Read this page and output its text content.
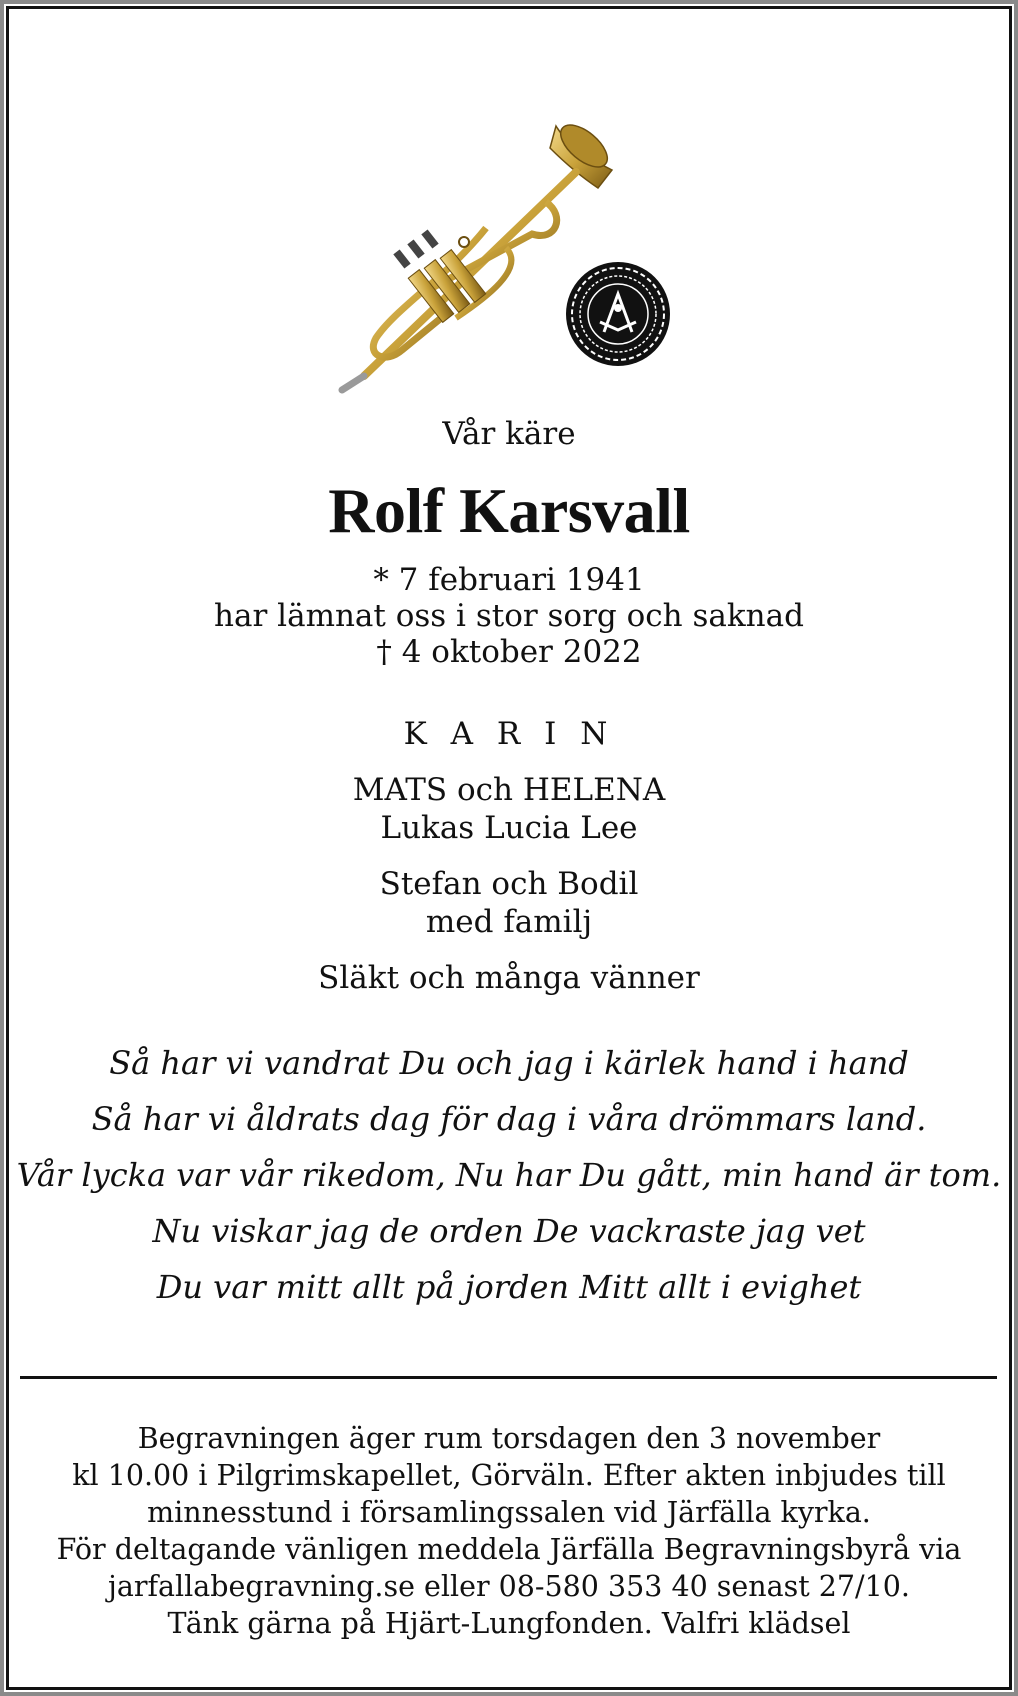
Vår käre
Rolf Karsvall
* 7 februari 1941
har lämnat oss i stor sorg och saknad
† 4 oktober 2022
K A R I N
MATS och HELENA
Lukas Lucia Lee
Stefan och Bodil
med familj
Släkt och många vänner
Så har vi vandrat Du och jag i kärlek hand i hand
Så har vi åldrats dag för dag i våra drömmars land.
Vår lycka var vår rikedom, Nu har Du gått, min hand är tom.
Nu viskar jag de orden De vackraste jag vet
Du var mitt allt på jorden Mitt allt i evighet
Begravningen äger rum torsdagen den 3 november
kl 10.00 i Pilgrimskapellet, Görväln. Efter akten inbjudes till
minnesstund i församlingssalen vid Järfälla kyrka.
För deltagande vänligen meddela Järfälla Begravningsbyrå via
jarfallabegravning.se eller 08-580 353 40 senast 27/10.
Tänk gärna på Hjärt-Lungfonden. Valfri klädsel
